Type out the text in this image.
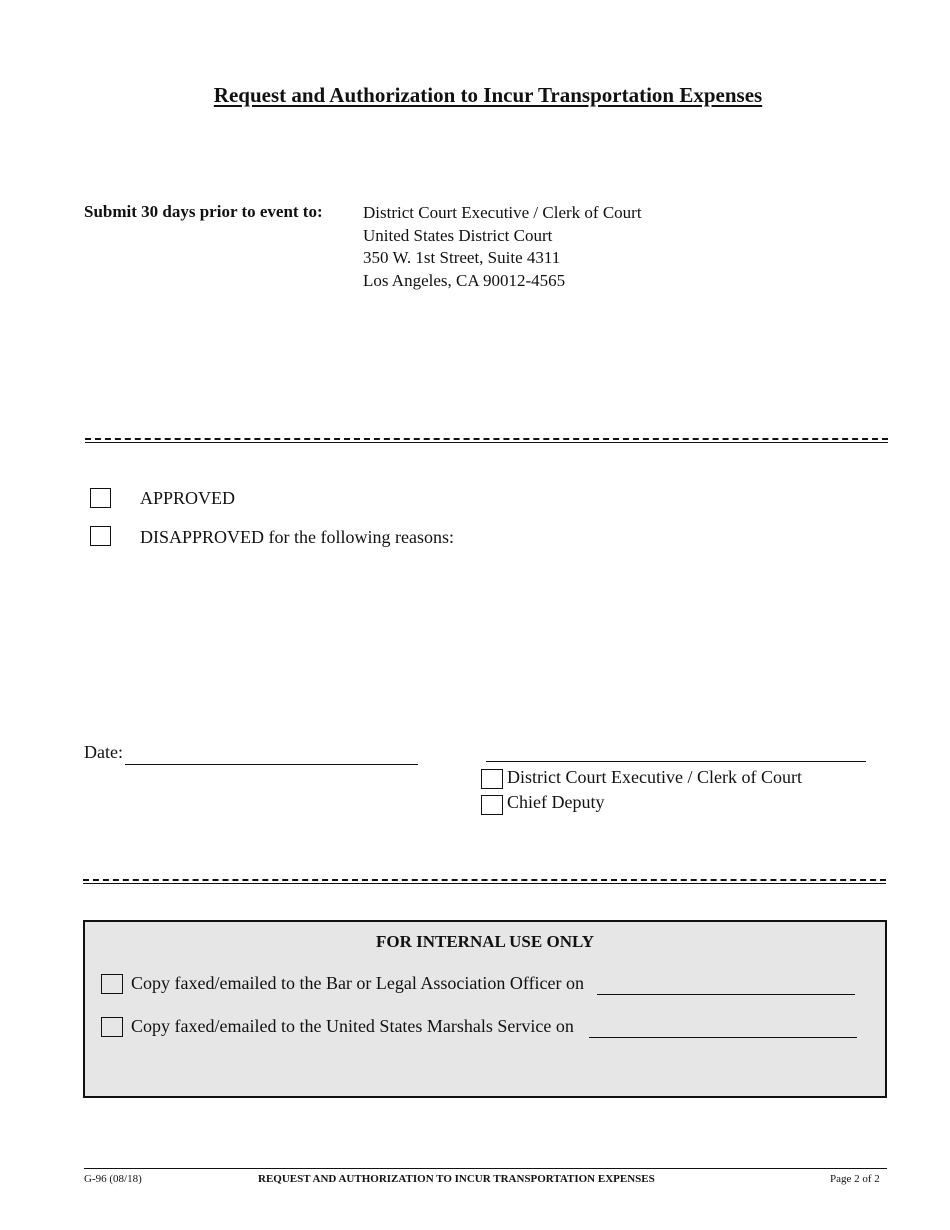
Request and Authorization to Incur Transportation Expenses
Submit 30 days prior to event to: District Court Executive / Clerk of Court
United States District Court
350 W. 1st Street, Suite 4311
Los Angeles, CA 90012-4565
APPROVED
DISAPPROVED for the following reasons:
Date:
District Court Executive / Clerk of Court
Chief Deputy
FOR INTERNAL USE ONLY
Copy faxed/emailed to the Bar or Legal Association Officer on
Copy faxed/emailed to the United States Marshals Service on
G-96 (08/18)	REQUEST AND AUTHORIZATION TO INCUR TRANSPORTATION EXPENSES	Page 2 of 2
